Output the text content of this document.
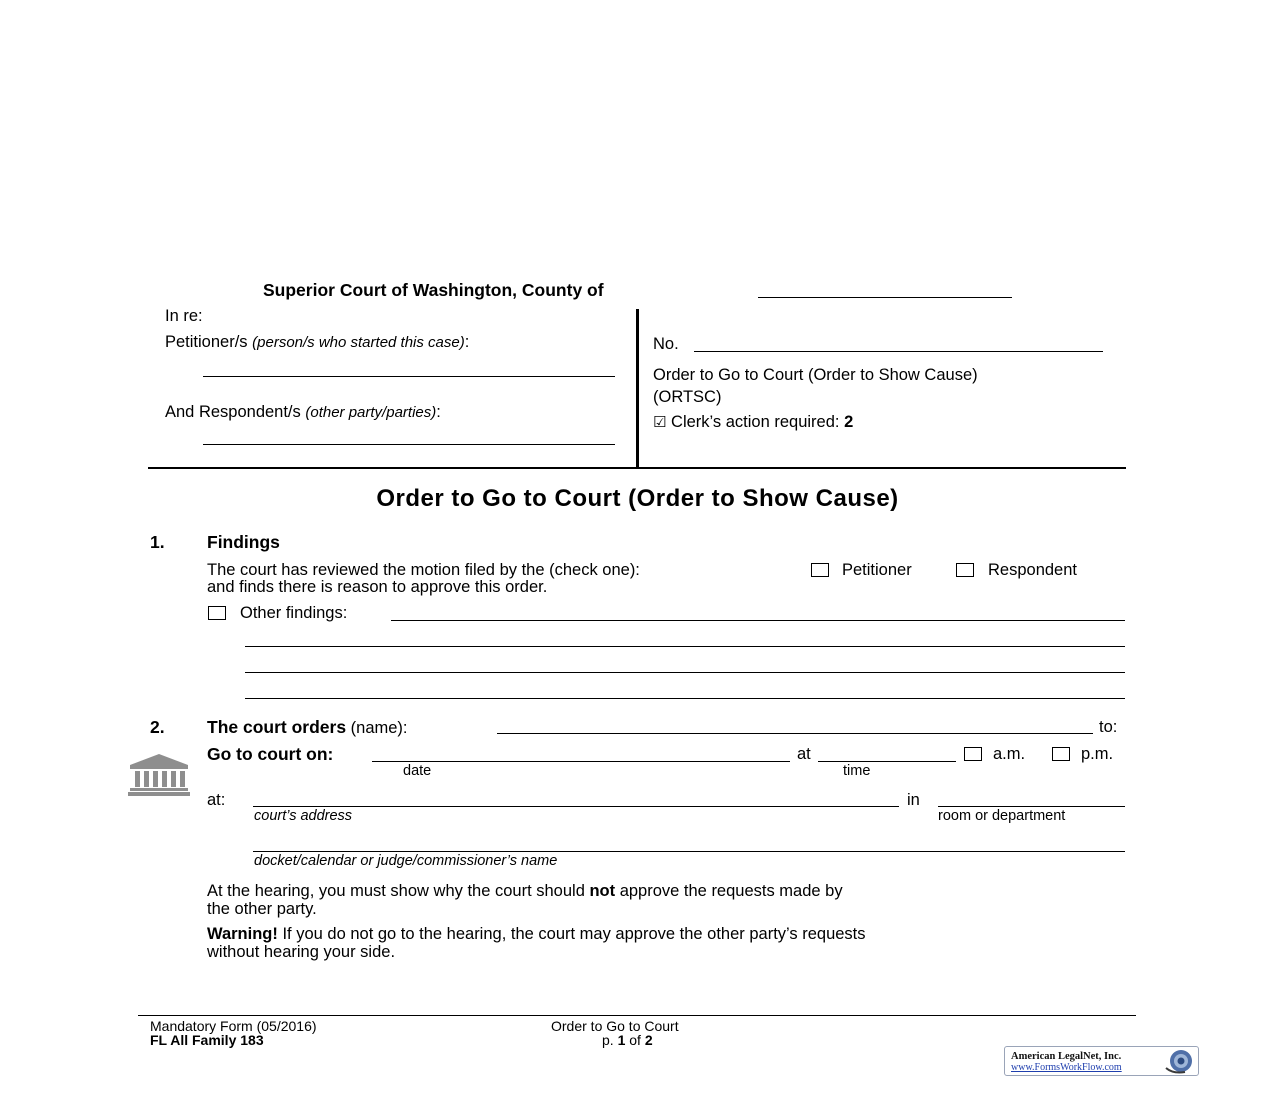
Superior Court of Washington, County of
In re:
Petitioner/s (person/s who started this case):
And Respondent/s (other party/parties):
No.
Order to Go to Court (Order to Show Cause)
(ORTSC)
☑ Clerk’s action required: 2
Order to Go to Court (Order to Show Cause)
1. Findings
The court has reviewed the motion filed by the (check one):	Petitioner	Respondent
and finds there is reason to approve this order.
Other findings:
2. The court orders (name):	to:
Go to court on:	at	a.m.	p.m.
date	time
at:	in
court’s address	room or department
docket/calendar or judge/commissioner’s name
At the hearing, you must show why the court should not approve the requests made by
the other party.
Warning! If you do not go to the hearing, the court may approve the other party’s requests
without hearing your side.
Mandatory Form (05/2016)
FL All Family 183
Order to Go to Court
p. 1 of 2
American LegalNet, Inc.
www.FormsWorkFlow.com
